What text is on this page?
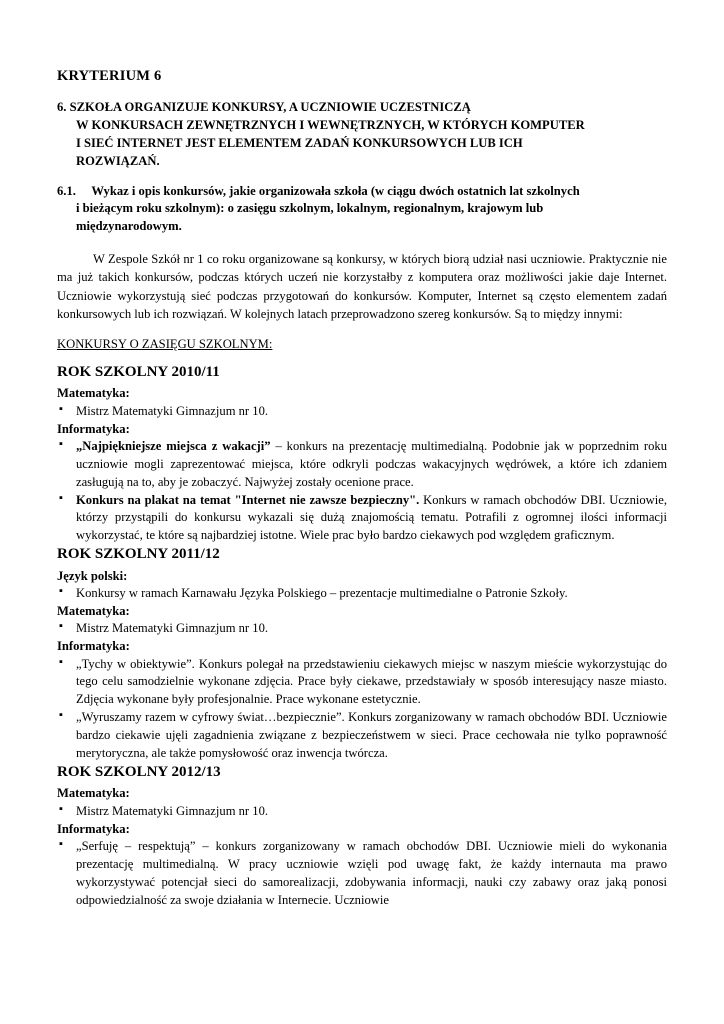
KRYTERIUM 6
6. SZKOŁA ORGANIZUJE KONKURSY, A UCZNIOWIE UCZESTNICZĄ
W KONKURSACH ZEWNĘTRZNYCH I WEWNĘTRZNYCH, W KTÓRYCH KOMPUTER
I SIEĆ INTERNET JEST ELEMENTEM ZADAŃ KONKURSOWYCH LUB ICH
ROZWIĄZAŃ.
6.1. Wykaz i opis konkursów, jakie organizowała szkoła (w ciągu dwóch ostatnich lat szkolnych
i bieżącym roku szkolnym): o zasięgu szkolnym, lokalnym, regionalnym, krajowym lub
międzynarodowym.

W Zespole Szkół nr 1 co roku organizowane są konkursy, w których biorą udział nasi uczniowie. Praktycznie nie ma już takich konkursów, podczas których uczeń nie korzystałby z komputera oraz możliwości jakie daje Internet. Uczniowie wykorzystują sieć podczas przygotowań do konkursów. Komputer, Internet są często elementem zadań konkursowych lub ich rozwiązań. W kolejnych latach przeprowadzono szereg konkursów. Są to między innymi:

KONKURSY O ZASIĘGU SZKOLNYM:

ROK SZKOLNY 2010/11
Matematyka:
▪ Mistrz Matematyki Gimnazjum nr 10.
Informatyka:
▪ „Najpiękniejsze miejsca z wakacji” – konkurs na prezentację multimedialną. Podobnie jak w poprzednim roku uczniowie mogli zaprezentować miejsca, które odkryli podczas wakacyjnych wędrówek, a które ich zdaniem zasługują na to, aby je zobaczyć. Najwyżej zostały ocenione prace.
▪ Konkurs na plakat na temat "Internet nie zawsze bezpieczny". Konkurs w ramach obchodów DBI. Uczniowie, którzy przystąpili do konkursu wykazali się dużą znajomością tematu. Potrafili z ogromnej ilości informacji wykorzystać, te które są najbardziej istotne. Wiele prac było bardzo ciekawych pod względem graficznym.
ROK SZKOLNY 2011/12
Język polski:
▪ Konkursy w ramach Karnawału Języka Polskiego – prezentacje multimedialne o Patronie Szkoły.
Matematyka:
▪ Mistrz Matematyki Gimnazjum nr 10.
Informatyka:
▪ „Tychy w obiektywie”. Konkurs polegał na przedstawieniu ciekawych miejsc w naszym mieście wykorzystując do tego celu samodzielnie wykonane zdjęcia. Prace były ciekawe, przedstawiały w sposób interesujący nasze miasto. Zdjęcia wykonane były profesjonalnie. Prace wykonane estetycznie.
▪ „Wyruszamy razem w cyfrowy świat…bezpiecznie”. Konkurs zorganizowany w ramach obchodów BDI. Uczniowie bardzo ciekawie ujęli zagadnienia związane z bezpieczeństwem w sieci. Prace cechowała nie tylko poprawność merytoryczna, ale także pomysłowość oraz inwencja twórcza.
ROK SZKOLNY 2012/13
Matematyka:
▪ Mistrz Matematyki Gimnazjum nr 10.
Informatyka:
▪ „Serfuję – respektują” – konkurs zorganizowany w ramach obchodów DBI. Uczniowie mieli do wykonania prezentację multimedialną. W pracy uczniowie wzięli pod uwagę fakt, że każdy internauta ma prawo wykorzystywać potencjał sieci do samorealizacji, zdobywania informacji, nauki czy zabawy oraz jaką ponosi odpowiedzialność za swoje działania w Internecie. Uczniowie
